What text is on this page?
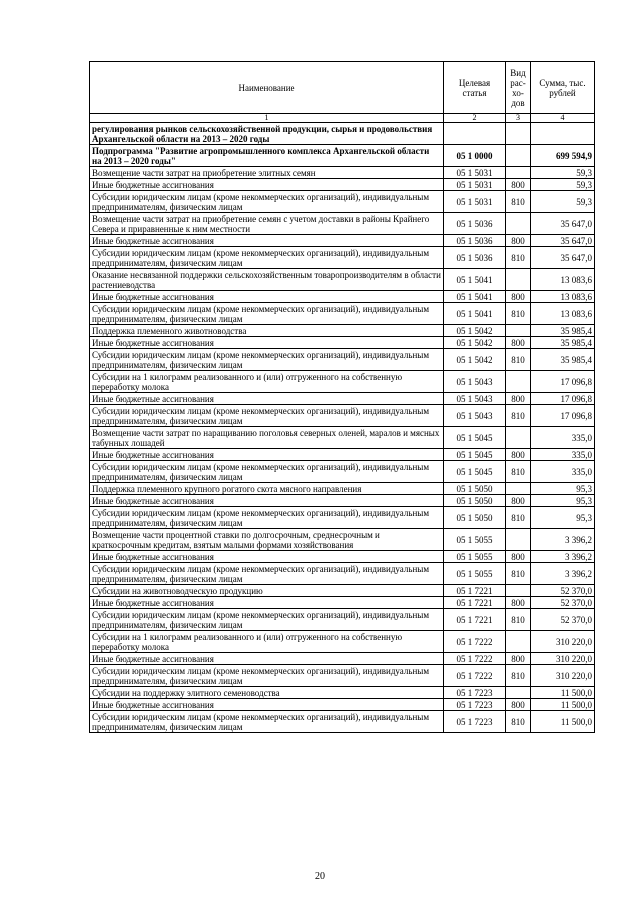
Наименование	Целевая статья	Вид рас- хо- дов	Сумма, тыс. рублей
1	2	3	4
регулирования рынков сельскохозяйственной продукции, сырья и продовольствия Архангельской области на 2013 – 2020 годы			
Подпрограмма "Развитие агропромышленного комплекса Архангельской области на 2013 – 2020 годы"	05 1 0000		699 594,9
Возмещение части затрат на приобретение элитных семян	05 1 5031		59,3
Иные бюджетные ассигнования	05 1 5031	800	59,3
Субсидии юридическим лицам (кроме некоммерческих организаций), индивидуальным предпринимателям, физическим лицам	05 1 5031	810	59,3
Возмещение части затрат на приобретение семян с учетом доставки в районы Крайнего Севера и приравненные к ним местности	05 1 5036		35 647,0
Иные бюджетные ассигнования	05 1 5036	800	35 647,0
Субсидии юридическим лицам (кроме некоммерческих организаций), индивидуальным предпринимателям, физическим лицам	05 1 5036	810	35 647,0
Оказание несвязанной поддержки сельскохозяйственным товаропроизводителям в области растениеводства	05 1 5041		13 083,6
Иные бюджетные ассигнования	05 1 5041	800	13 083,6
Субсидии юридическим лицам (кроме некоммерческих организаций), индивидуальным предпринимателям, физическим лицам	05 1 5041	810	13 083,6
Поддержка племенного животноводства	05 1 5042		35 985,4
Иные бюджетные ассигнования	05 1 5042	800	35 985,4
Субсидии юридическим лицам (кроме некоммерческих организаций), индивидуальным предпринимателям, физическим лицам	05 1 5042	810	35 985,4
Субсидии на 1 килограмм реализованного и (или) отгруженного на собственную переработку молока	05 1 5043		17 096,8
Иные бюджетные ассигнования	05 1 5043	800	17 096,8
Субсидии юридическим лицам (кроме некоммерческих организаций), индивидуальным предпринимателям, физическим лицам	05 1 5043	810	17 096,8
Возмещение части затрат по наращиванию поголовья северных оленей, маралов и мясных табунных лошадей	05 1 5045		335,0
Иные бюджетные ассигнования	05 1 5045	800	335,0
Субсидии юридическим лицам (кроме некоммерческих организаций), индивидуальным предпринимателям, физическим лицам	05 1 5045	810	335,0
Поддержка племенного крупного рогатого скота мясного направления	05 1 5050		95,3
Иные бюджетные ассигнования	05 1 5050	800	95,3
Субсидии юридическим лицам (кроме некоммерческих организаций), индивидуальным предпринимателям, физическим лицам	05 1 5050	810	95,3
Возмещение части процентной ставки по долгосрочным, среднесрочным и краткосрочным кредитам, взятым малыми формами хозяйствования	05 1 5055		3 396,2
Иные бюджетные ассигнования	05 1 5055	800	3 396,2
Субсидии юридическим лицам (кроме некоммерческих организаций), индивидуальным предпринимателям, физическим лицам	05 1 5055	810	3 396,2
Субсидии на животноводческую продукцию	05 1 7221		52 370,0
Иные бюджетные ассигнования	05 1 7221	800	52 370,0
Субсидии юридическим лицам (кроме некоммерческих организаций), индивидуальным предпринимателям, физическим лицам	05 1 7221	810	52 370,0
Субсидии на 1 килограмм реализованного и (или) отгруженного на собственную переработку молока	05 1 7222		310 220,0
Иные бюджетные ассигнования	05 1 7222	800	310 220,0
Субсидии юридическим лицам (кроме некоммерческих организаций), индивидуальным предпринимателям, физическим лицам	05 1 7222	810	310 220,0
Субсидии на поддержку элитного семеноводства	05 1 7223		11 500,0
Иные бюджетные ассигнования	05 1 7223	800	11 500,0
Субсидии юридическим лицам (кроме некоммерческих организаций), индивидуальным предпринимателям, физическим лицам	05 1 7223	810	11 500,0
20
